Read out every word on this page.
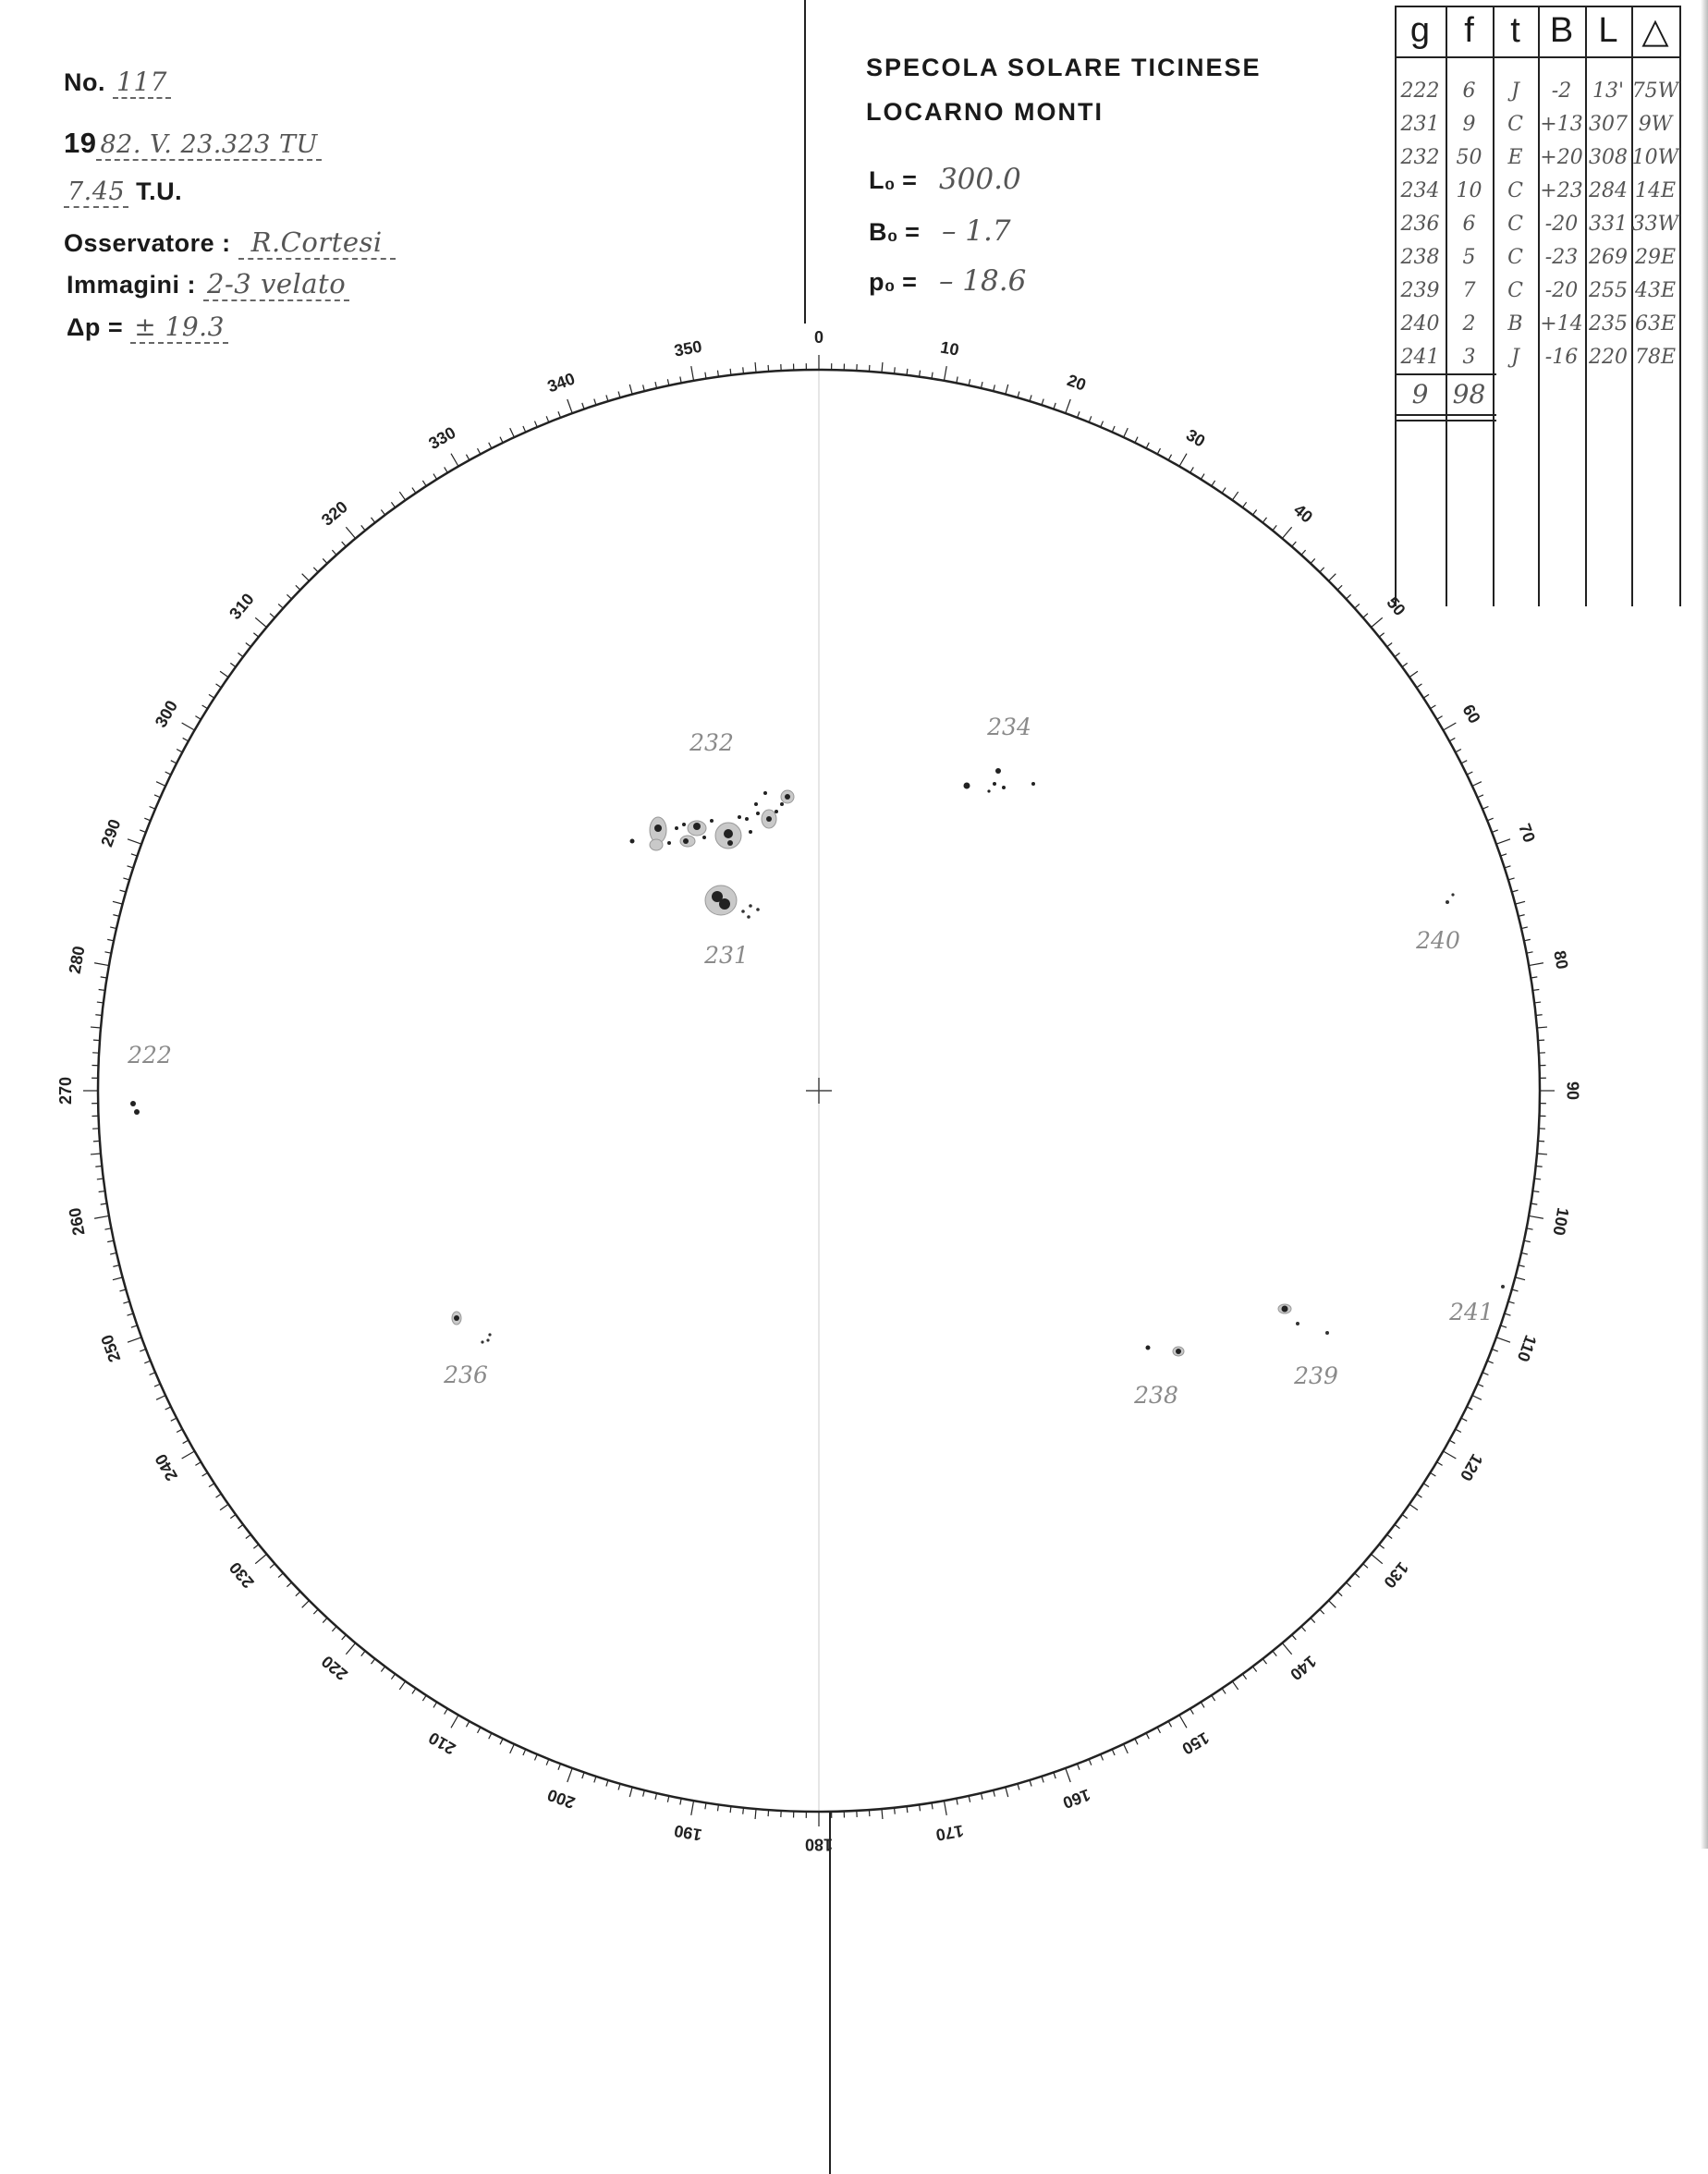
No. 117
19 82. V. 23.323 TU
7.45 T.U.
Osservatore : R.Cortesi
Immagini : 2-3 velato
Δp = ± 19.3
SPECOLA SOLARE TICINESE
LOCARNO MONTI
L₀ = 300.0
B₀ = – 1.7
p₀ = – 18.6
g f	t B L △
222	6	J	-2	13' 75W
231	9	C +13 307 9W
232 50	E +20 308 10W
234 10	C +23 284 14E
236	6	C	-20 331 33W
238	5	C	-23 269 29E
239	7	C	-20 255 43E
240	2	B +14 235 63E
241	3	J	-16 220 78E
9 98
0
10
20
30
40
50
60
70
80
90
100
110
120
130
140
150
160
170
180
190
200
210
220
230
240
250
260
270
280
290
300
310
320
330
340
350
232
234
231
240
222
236
238
239
241
